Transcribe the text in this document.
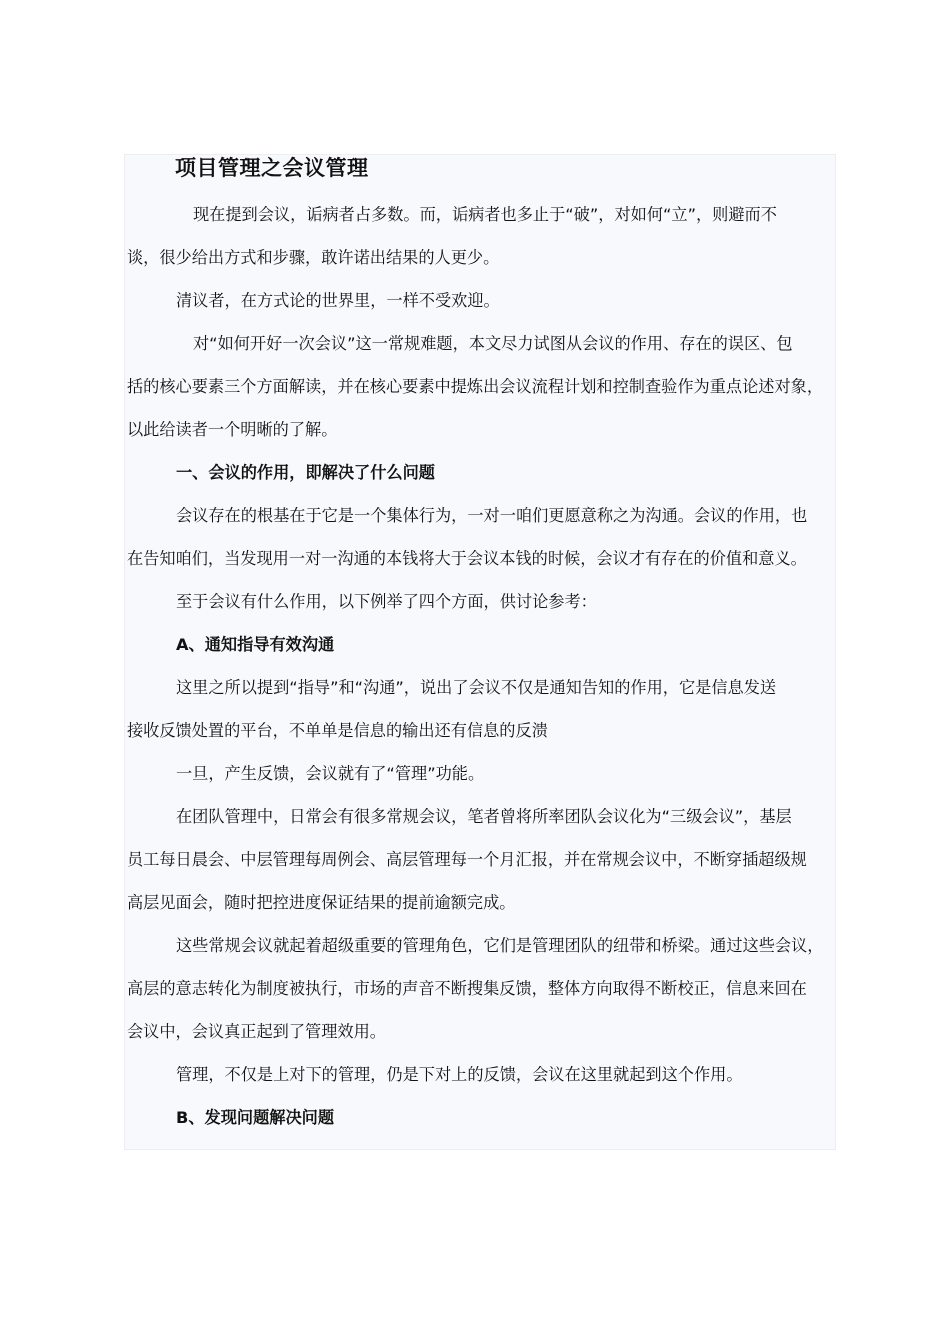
项目管理之会议管理
现在提到会议，诟病者占多数。而，诟病者也多止于“破”，对如何“立”，则避而不
谈，很少给出方式和步骤，敢许诺出结果的人更少。
清议者，在方式论的世界里，一样不受欢迎。
对“如何开好一次会议”这一常规难题，本文尽力试图从会议的作用、存在的误区、包
括的核心要素三个方面解读，并在核心要素中提炼出会议流程计划和控制查验作为重点论述对象，
以此给读者一个明晰的了解。
一、会议的作用，即解决了什么问题
会议存在的根基在于它是一个集体行为，一对一咱们更愿意称之为沟通。会议的作用，也
在告知咱们，当发现用一对一沟通的本钱将大于会议本钱的时候，会议才有存在的价值和意义。
至于会议有什么作用，以下例举了四个方面，供讨论参考：
A、通知指导有效沟通
这里之所以提到“指导”和“沟通”，说出了会议不仅是通知告知的作用，它是信息发送
接收反馈处置的平台，不单单是信息的输出还有信息的反溃
一旦，产生反馈，会议就有了“管理”功能。
在团队管理中，日常会有很多常规会议，笔者曾将所率团队会议化为“三级会议”，基层
员工每日晨会、中层管理每周例会、高层管理每一个月汇报，并在常规会议中，不断穿插超级规
高层见面会，随时把控进度保证结果的提前逾额完成。
这些常规会议就起着超级重要的管理角色，它们是管理团队的纽带和桥梁。通过这些会议，
高层的意志转化为制度被执行，市场的声音不断搜集反馈，整体方向取得不断校正，信息来回在
会议中，会议真正起到了管理效用。
管理，不仅是上对下的管理，仍是下对上的反馈，会议在这里就起到这个作用。
B、发现问题解决问题
